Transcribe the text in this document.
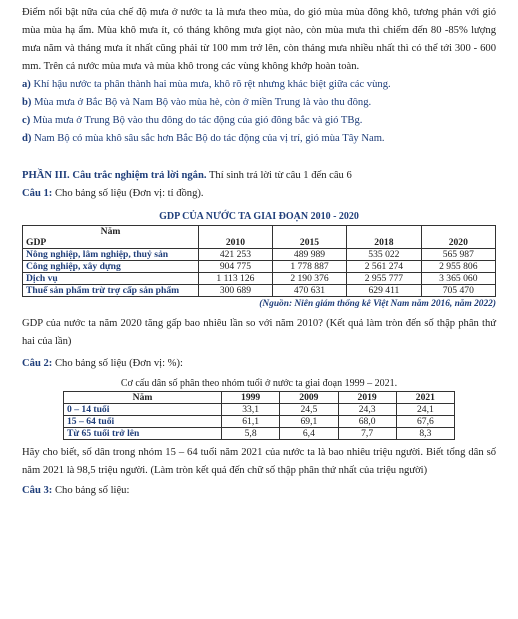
Điểm nổi bật nữa của chế độ mưa ở nước ta là mưa theo mùa, do gió mùa mùa đông khô, tương phản với gió mùa mùa hạ ẩm. Mùa khô mưa ít, có tháng không mưa giọt nào, còn mùa mưa thì chiếm đến 80 -85% lượng mưa năm và tháng mưa ít nhất cũng phải từ 100 mm trở lên, còn tháng mưa nhiều nhất thì có thể tới 300 - 600 mm. Trên cả nước mùa mưa và mùa khô trong các vùng không khớp hoàn toàn.

a) Khí hậu nước ta phân thành hai mùa mưa, khô rõ rệt nhưng khác biệt giữa các vùng.

b) Mùa mưa ở Bắc Bộ và Nam Bộ vào mùa hè, còn ở miền Trung là vào thu đông.

c) Mùa mưa ở Trung Bộ vào thu đông do tác động của gió đông bắc và gió TBg.

d) Nam Bộ có mùa khô sâu sắc hơn Bắc Bộ do tác động của vị trí, gió mùa Tây Nam.

PHẦN III. Câu trắc nghiệm trả lời ngắn. Thí sinh trả lời từ câu 1 đến câu 6

Câu 1: Cho bảng số liệu (Đơn vị: tỉ đồng).

GDP CỦA NƯỚC TA GIAI ĐOẠN 2010 - 2020
Năm
GDP	2010	2015	2018	2020
Nông nghiệp, lâm nghiệp, thuỷ sản	421 253	489 989	535 022	565 987
Công nghiệp, xây dựng	904 775	1 778 887	2 561 274	2 955 806
Dịch vụ	1 113 126	2 190 376	2 955 777	3 365 060
Thuế sản phẩm trừ trợ cấp sản phẩm	300 689	470 631	629 411	705 470
(Nguồn: Niên giám thống kê Việt Nam năm 2016, năm 2022)

GDP của nước ta năm 2020 tăng gấp bao nhiêu lần so với năm 2010? (Kết quả làm tròn đến số thập phân thứ hai của lần)

Câu 2: Cho bảng số liệu (Đơn vị: %):

Cơ cấu dân số phân theo nhóm tuổi ở nước ta giai đoạn 1999 – 2021.
Năm	1999	2009	2019	2021
0 – 14 tuổi	33,1	24,5	24,3	24,1
15 – 64 tuổi	61,1	69,1	68,0	67,6
Từ 65 tuổi trở lên	5,8	6,4	7,7	8,3

Hãy cho biết, số dân trong nhóm 15 – 64 tuổi năm 2021 của nước ta là bao nhiêu triệu người. Biết tổng dân số năm 2021 là 98,5 triệu người. (Làm tròn kết quả đến chữ số thập phân thứ nhất của triệu người)

Câu 3: Cho bảng số liệu:
